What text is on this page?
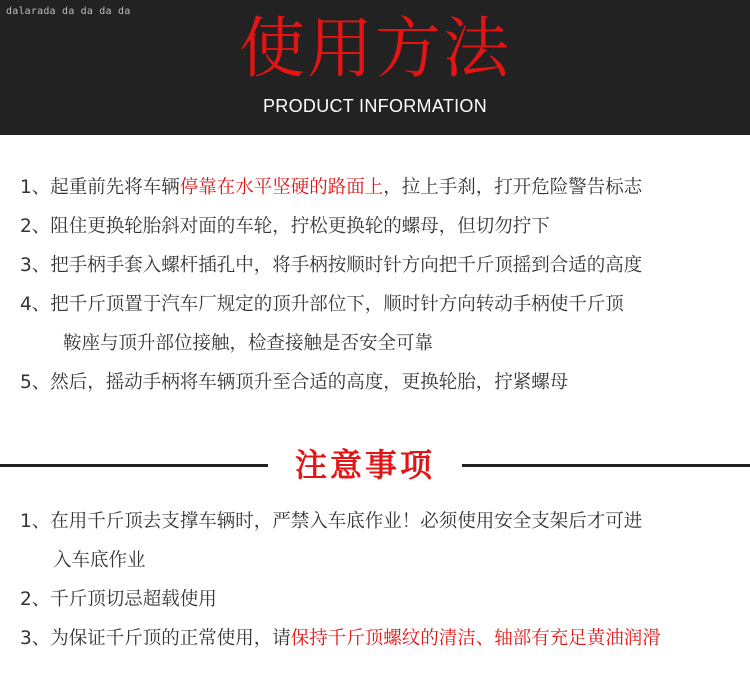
dalarada da da da da	使用方法
PRODUCT INFORMATION
1、起重前先将车辆停靠在水平坚硬的路面上，拉上手刹，打开危险警告标志
2、阻住更换轮胎斜对面的车轮，拧松更换轮的螺母，但切勿拧下
3、把手柄手套入螺杆插孔中，将手柄按顺时针方向把千斤顶摇到合适的高度
4、把千斤顶置于汽车厂规定的顶升部位下，顺时针方向转动手柄使千斤顶
鞍座与顶升部位接触，检查接触是否安全可靠
5、然后，摇动手柄将车辆顶升至合适的高度，更换轮胎，拧紧螺母
注意事项
1、在用千斤顶去支撑车辆时，严禁入车底作业！必须使用安全支架后才可进
入车底作业
2、千斤顶切忌超载使用
3、为保证千斤顶的正常使用，请保持千斤顶螺纹的清洁、轴部有充足黄油润滑
